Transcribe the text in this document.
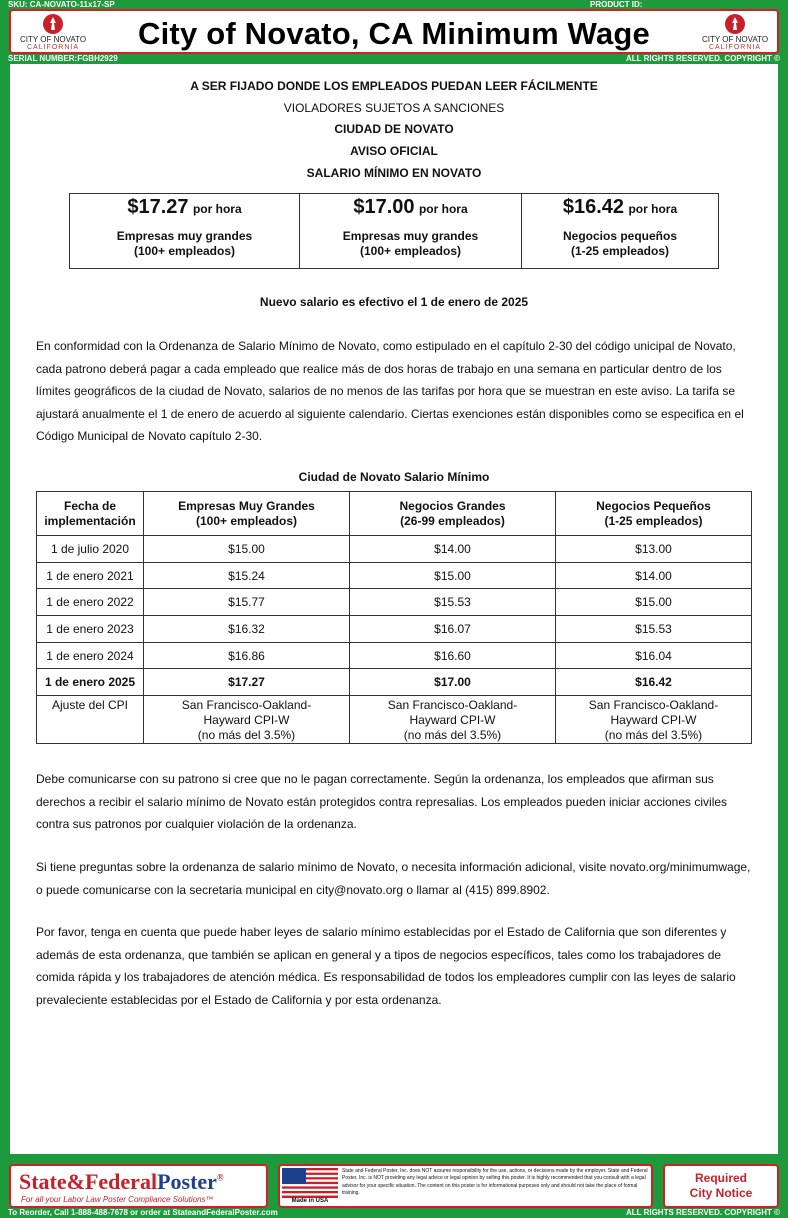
SKU: CA-NOVATO-11x17-SP	PRODUCT ID:
CITY OF NOVATO
CALIFORNIA	City of Novato, CA Minimum Wage	CITY OF NOVATO
CALIFORNIA
SERIAL NUMBER:FGBH2929	ALL RIGHTS RESERVED. COPYRIGHT ©
A SER FIJADO DONDE LOS EMPLEADOS PUEDAN LEER FÁCILMENTE
VIOLADORES SUJETOS A SANCIONES
CIUDAD DE NOVATO
AVISO OFICIAL
SALARIO MÍNIMO EN NOVATO
$17.27 por hora
Empresas muy grandes
(100+ empleados)
	$17.00 por hora
Empresas muy grandes
(100+ empleados)
	$16.42 por hora
Negocios pequeños
(1-25 empleados)
Nuevo salario es efectivo el 1 de enero de 2025
En conformidad con la Ordenanza de Salario Mínimo de Novato, como estipulado en el capítulo 2-30 del código unicipal de Novato, cada patrono deberá pagar a cada empleado que realice más de dos horas de trabajo en una semana en particular dentro de los límites geográficos de la ciudad de Novato, salarios de no menos de las tarifas por hora que se muestran en este aviso. La tarifa se ajustará anualmente el 1 de enero de acuerdo al siguiente calendario. Ciertas exenciones están disponibles como se especifica en el Código Municipal de Novato capítulo 2-30.
Ciudad de Novato Salario Mínimo
Fecha de
implementación	Empresas Muy Grandes
(100+ empleados)	Negocios Grandes
(26-99 empleados)	Negocios Pequeños
(1-25 empleados)
1 de julio 2020	$15.00	$14.00	$13.00
1 de enero 2021	$15.24	$15.00	$14.00
1 de enero 2022	$15.77	$15.53	$15.00
1 de enero 2023	$16.32	$16.07	$15.53
1 de enero 2024	$16.86	$16.60	$16.04
1 de enero 2025	$17.27	$17.00	$16.42
Ajuste del CPI	San Francisco-Oakland-
Hayward CPI-W
(no más del 3.5%)	San Francisco-Oakland-
Hayward CPI-W
(no más del 3.5%)	San Francisco-Oakland-
Hayward CPI-W
(no más del 3.5%)
Debe comunicarse con su patrono si cree que no le pagan correctamente. Según la ordenanza, los empleados que afirman sus derechos a recibir el salario mínimo de Novato están protegidos contra represalias. Los empleados pueden iniciar acciones civiles contra sus patronos por cualquier violación de la ordenanza.
Si tiene preguntas sobre la ordenanza de salario mínimo de Novato, o necesita información adicional, visite novato.org/minimumwage, o puede comunicarse con la secretaria municipal en city@novato.org o llamar al (415) 899.8902.
Por favor, tenga en cuenta que puede haber leyes de salario mínimo establecidas por el Estado de California que son diferentes y además de esta ordenanza, que también se aplican en general y a tipos de negocios específicos, tales como los trabajadores de comida rápida y los trabajadores de atención médica. Es responsabilidad de todos los empleadores cumplir con las leyes de salario prevaleciente establecidas por el Estado de California y por esta ordenanza.
State&FederalPoster®
For all your Labor Law Poster Compliance Solutions™	Made in USA
State and Federal Poster, Inc. does NOT assume responsibility for the use, actions, or decisions made by the employer. State and Federal Poster, Inc. is NOT providing any legal advice or legal opinion by selling this poster. It is highly recommended that you consult with a legal advisor for your specific situation. The content on this poster is for informational purposes only and should not take the place of formal training.
Required
City Notice
To Reorder, Call 1-888-488-7678 or order at StateandFederalPoster.com	ALL RIGHTS RESERVED. COPYRIGHT ©
